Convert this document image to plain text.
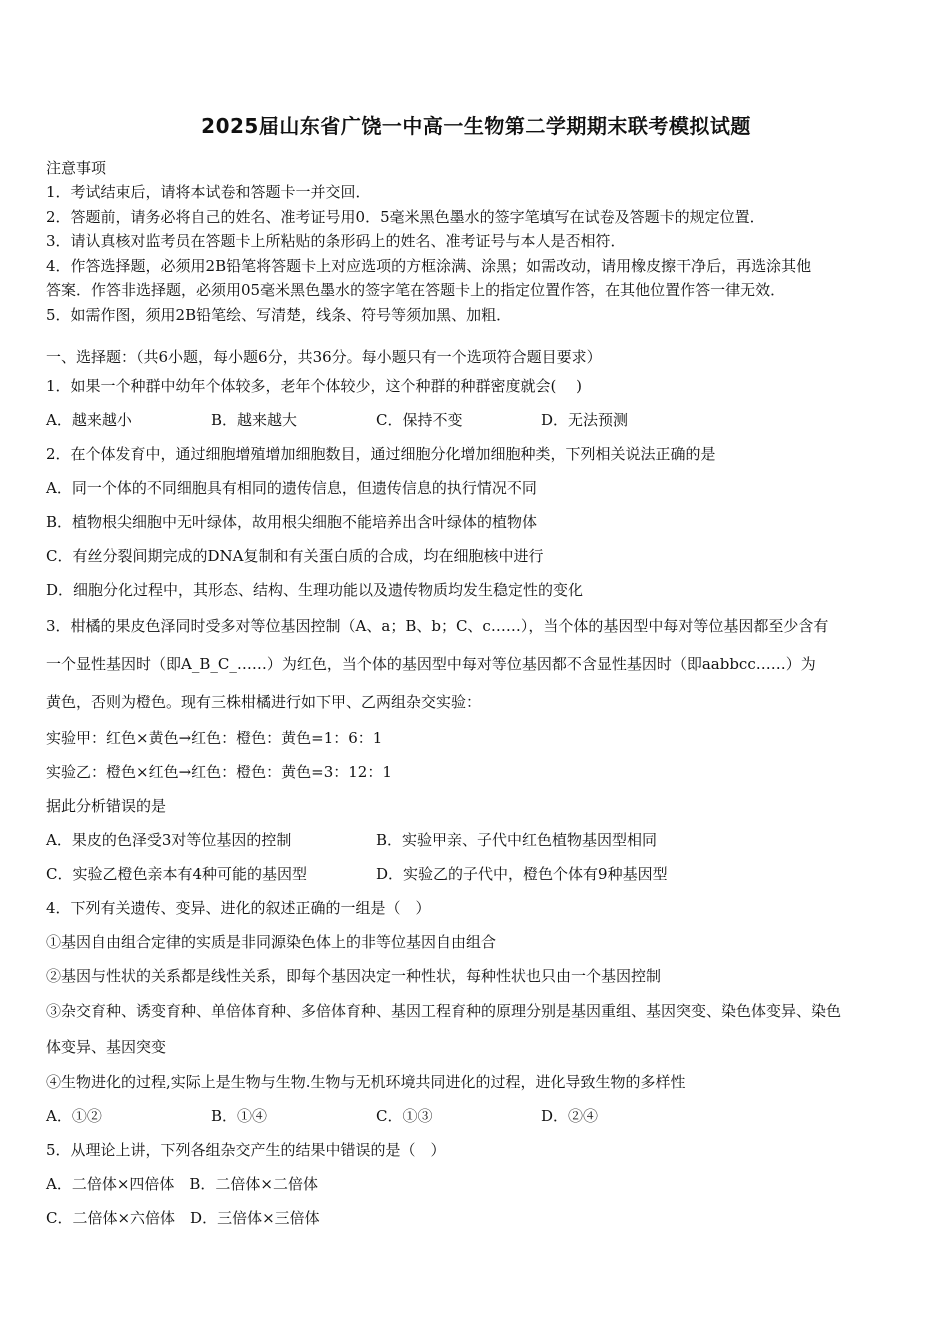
2025届山东省广饶一中高一生物第二学期期末联考模拟试题

注意事项

1．考试结束后，请将本试卷和答题卡一并交回．

2．答题前，请务必将自己的姓名、准考证号用0．5毫米黑色墨水的签字笔填写在试卷及答题卡的规定位置．

3．请认真核对监考员在答题卡上所粘贴的条形码上的姓名、准考证号与本人是否相符．

4．作答选择题，必须用2B铅笔将答题卡上对应选项的方框涂满、涂黑；如需改动，请用橡皮擦干净后，再选涂其他

答案．作答非选择题，必须用05毫米黑色墨水的签字笔在答题卡上的指定位置作答，在其他位置作答一律无效．

5．如需作图，须用2B铅笔绘、写清楚，线条、符号等须加黑、加粗．

一、选择题：（共6小题，每小题6分，共36分。每小题只有一个选项符合题目要求）

1．如果一个种群中幼年个体较多，老年个体较少，这个种群的种群密度就会(　 )

A．越来越小	B．越来越大	C．保持不变	D．无法预测

2．在个体发育中，通过细胞增殖增加细胞数目，通过细胞分化增加细胞种类，下列相关说法正确的是

A．同一个体的不同细胞具有相同的遗传信息，但遗传信息的执行情况不同

B．植物根尖细胞中无叶绿体，故用根尖细胞不能培养出含叶绿体的植物体

C．有丝分裂间期完成的DNA复制和有关蛋白质的合成，均在细胞核中进行

D．细胞分化过程中，其形态、结构、生理功能以及遗传物质均发生稳定性的变化

3．柑橘的果皮色泽同时受多对等位基因控制（A、a；B、b；C、c……），当个体的基因型中每对等位基因都至少含有

一个显性基因时（即A_B_C_……）为红色，当个体的基因型中每对等位基因都不含显性基因时（即aabbcc……）为

黄色，否则为橙色。现有三株柑橘进行如下甲、乙两组杂交实验：

实验甲：红色×黄色→红色：橙色：黄色=1：6：1

实验乙：橙色×红色→红色：橙色：黄色=3：12：1

据此分析错误的是

A．果皮的色泽受3对等位基因的控制	B．实验甲亲、子代中红色植物基因型相同
C．实验乙橙色亲本有4种可能的基因型	D．实验乙的子代中，橙色个体有9种基因型

4．下列有关遗传、变异、进化的叙述正确的一组是（　）

①基因自由组合定律的实质是非同源染色体上的非等位基因自由组合

②基因与性状的关系都是线性关系，即每个基因决定一种性状，每种性状也只由一个基因控制

③杂交育种、诱变育种、单倍体育种、多倍体育种、基因工程育种的原理分别是基因重组、基因突变、染色体变异、染色

体变异、基因突变

④生物进化的过程,实际上是生物与生物.生物与无机环境共同进化的过程，进化导致生物的多样性

A．①②	B．①④	C．①③	D．②④

5．从理论上讲，下列各组杂交产生的结果中错误的是（　）

A．二倍体×四倍体　B．二倍体×二倍体

C．二倍体×六倍体　D．三倍体×三倍体
